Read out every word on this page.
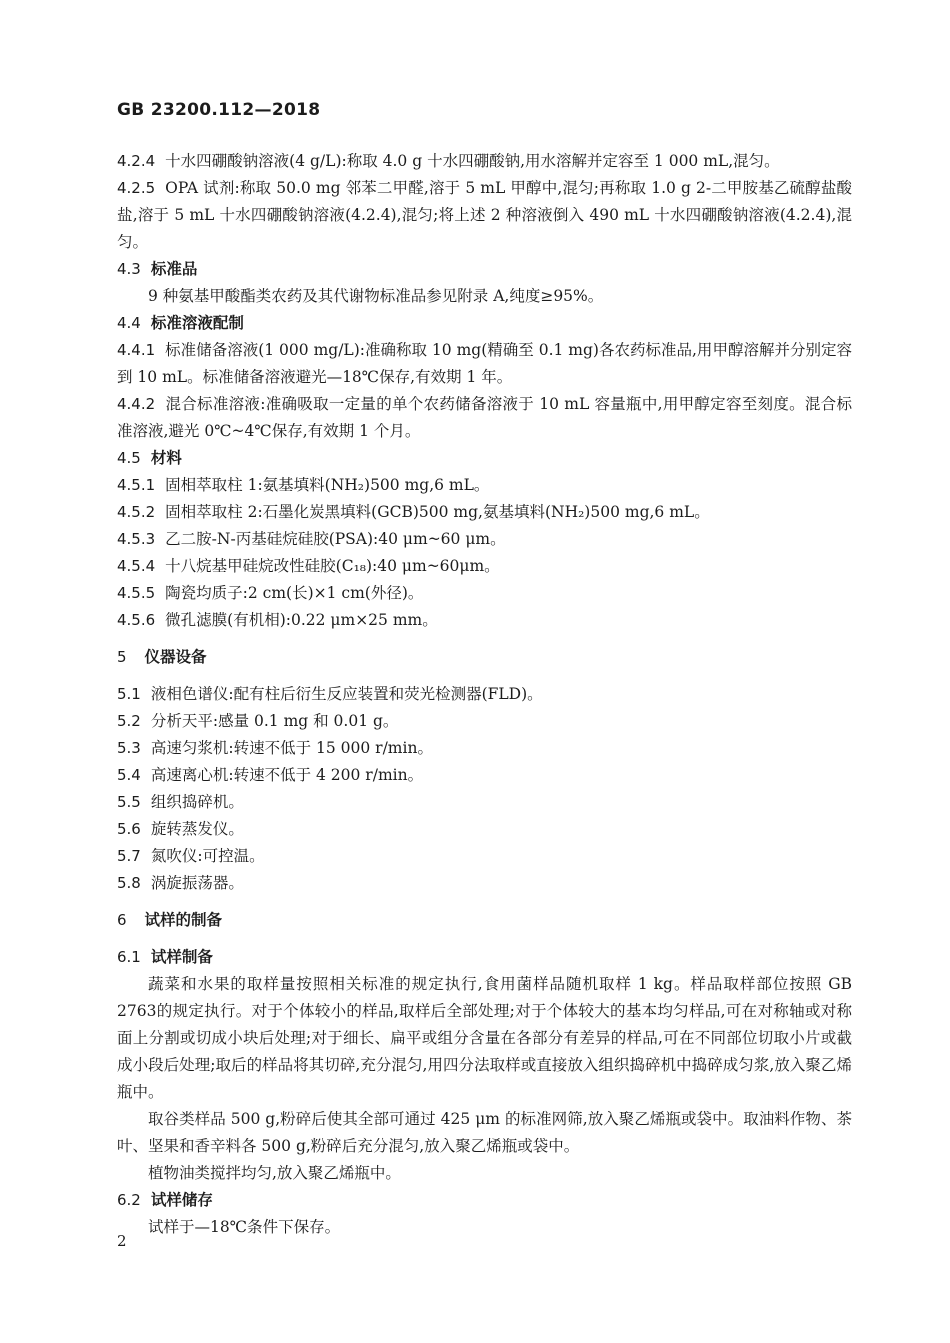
GB 23200.112—2018

4.2.4 十水四硼酸钠溶液(4 g/L):称取 4.0 g 十水四硼酸钠,用水溶解并定容至 1 000 mL,混匀。

4.2.5 OPA 试剂:称取 50.0 mg 邻苯二甲醛,溶于 5 mL 甲醇中,混匀;再称取 1.0 g 2-二甲胺基乙硫醇盐酸盐,溶于 5 mL 十水四硼酸钠溶液(4.2.4),混匀;将上述 2 种溶液倒入 490 mL 十水四硼酸钠溶液(4.2.4),混匀。

4.3 标准品

9 种氨基甲酸酯类农药及其代谢物标准品参见附录 A,纯度≥95%。

4.4 标准溶液配制

4.4.1 标准储备溶液(1 000 mg/L):准确称取 10 mg(精确至 0.1 mg)各农药标准品,用甲醇溶解并分别定容到 10 mL。标准储备溶液避光—18℃保存,有效期 1 年。

4.4.2 混合标准溶液:准确吸取一定量的单个农药储备溶液于 10 mL 容量瓶中,用甲醇定容至刻度。混合标准溶液,避光 0℃~4℃保存,有效期 1 个月。

4.5 材料

4.5.1 固相萃取柱 1:氨基填料(NH₂)500 mg,6 mL。

4.5.2 固相萃取柱 2:石墨化炭黑填料(GCB)500 mg,氨基填料(NH₂)500 mg,6 mL。

4.5.3 乙二胺-N-丙基硅烷硅胶(PSA):40 μm~60 μm。

4.5.4 十八烷基甲硅烷改性硅胶(C₁₈):40 μm~60μm。

4.5.5 陶瓷均质子:2 cm(长)×1 cm(外径)。

4.5.6 微孔滤膜(有机相):0.22 μm×25 mm。

5 仪器设备

5.1 液相色谱仪:配有柱后衍生反应装置和荧光检测器(FLD)。

5.2 分析天平:感量 0.1 mg 和 0.01 g。

5.3 高速匀浆机:转速不低于 15 000 r/min。

5.4 高速离心机:转速不低于 4 200 r/min。

5.5 组织捣碎机。

5.6 旋转蒸发仪。

5.7 氮吹仪:可控温。

5.8 涡旋振荡器。

6 试样的制备

6.1 试样制备

蔬菜和水果的取样量按照相关标准的规定执行,食用菌样品随机取样 1 kg。样品取样部位按照 GB 2763的规定执行。对于个体较小的样品,取样后全部处理;对于个体较大的基本均匀样品,可在对称轴或对称面上分割或切成小块后处理;对于细长、扁平或组分含量在各部分有差异的样品,可在不同部位切取小片或截成小段后处理;取后的样品将其切碎,充分混匀,用四分法取样或直接放入组织捣碎机中捣碎成匀浆,放入聚乙烯瓶中。

取谷类样品 500 g,粉碎后使其全部可通过 425 μm 的标准网筛,放入聚乙烯瓶或袋中。取油料作物、茶叶、坚果和香辛料各 500 g,粉碎后充分混匀,放入聚乙烯瓶或袋中。

植物油类搅拌均匀,放入聚乙烯瓶中。

6.2 试样储存

试样于—18℃条件下保存。

2
